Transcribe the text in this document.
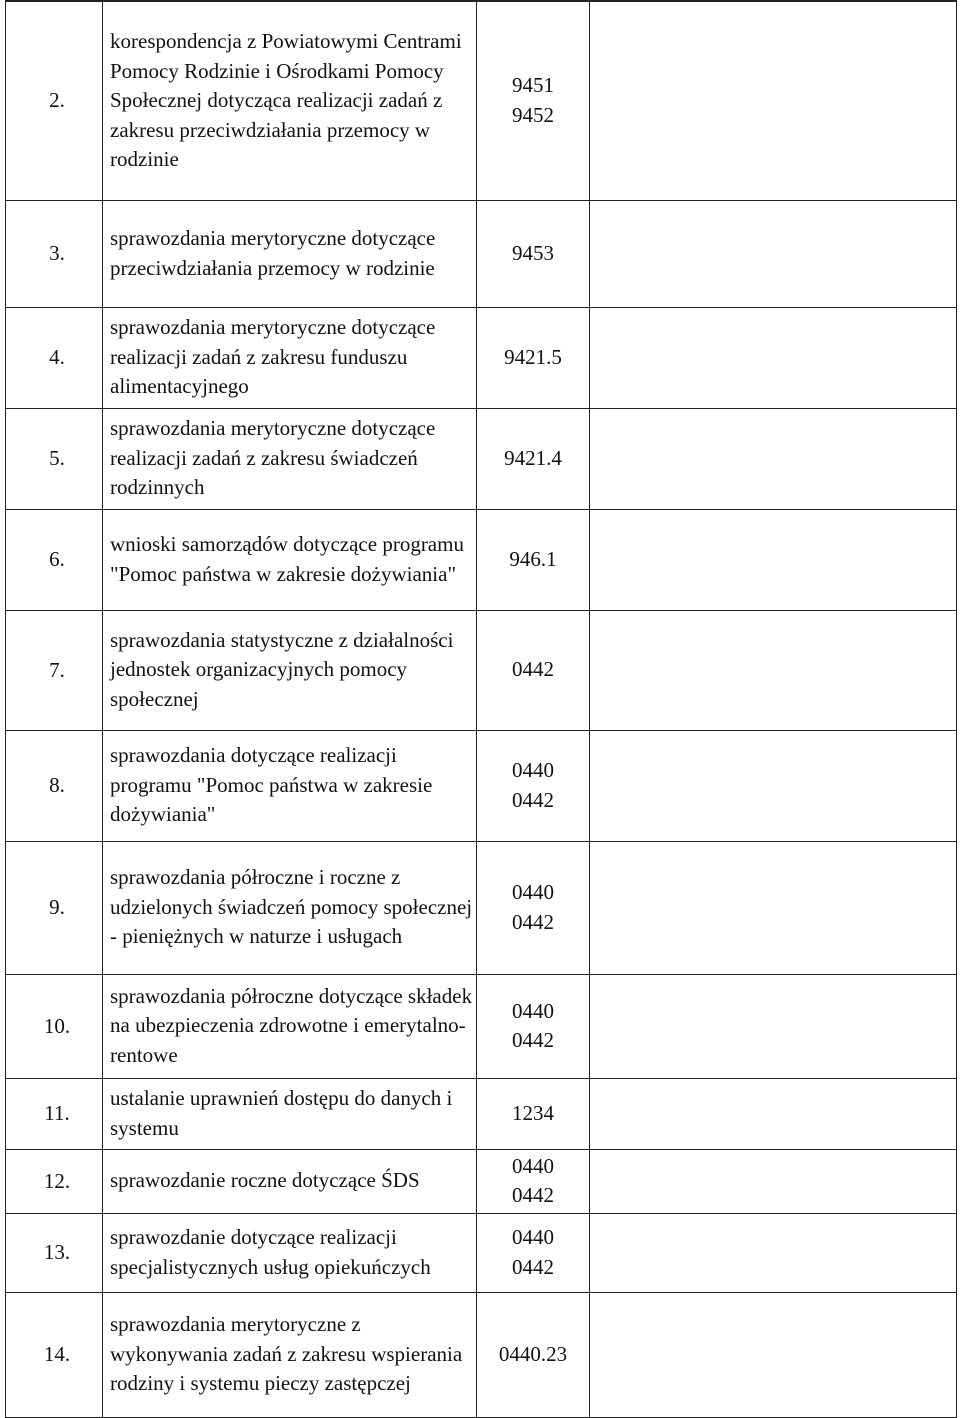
2.	korespondencja z Powiatowymi Centrami Pomocy Rodzinie i Ośrodkami Pomocy Społecznej dotycząca realizacji zadań z zakresu przeciwdziałania przemocy w rodzinie	9451
9452	

3.	sprawozdania merytoryczne dotyczące przeciwdziałania przemocy w rodzinie	9453	

4.	sprawozdania merytoryczne dotyczące realizacji zadań z zakresu funduszu alimentacyjnego	9421.5	

5.	sprawozdania merytoryczne dotyczące realizacji zadań z zakresu świadczeń rodzinnych	9421.4	

6.	wnioski samorządów dotyczące programu "Pomoc państwa w zakresie dożywiania"	946.1	

7.	sprawozdania statystyczne z działalności jednostek organizacyjnych pomocy społecznej	0442	

8.	sprawozdania dotyczące realizacji programu "Pomoc państwa w zakresie dożywiania"	0440
0442	

9.	sprawozdania półroczne i roczne z udzielonych świadczeń pomocy społecznej - pieniężnych w naturze i usługach	0440
0442	

10.	sprawozdania półroczne dotyczące składek na ubezpieczenia zdrowotne i emerytalno-rentowe	0440
0442	

11.	ustalanie uprawnień dostępu do danych i systemu	1234	

12.	sprawozdanie roczne dotyczące ŚDS	0440
0442	

13.	sprawozdanie dotyczące realizacji specjalistycznych usług opiekuńczych	0440
0442	

14.	sprawozdania merytoryczne z wykonywania zadań z zakresu wspierania rodziny i systemu pieczy zastępczej	0440.23	
